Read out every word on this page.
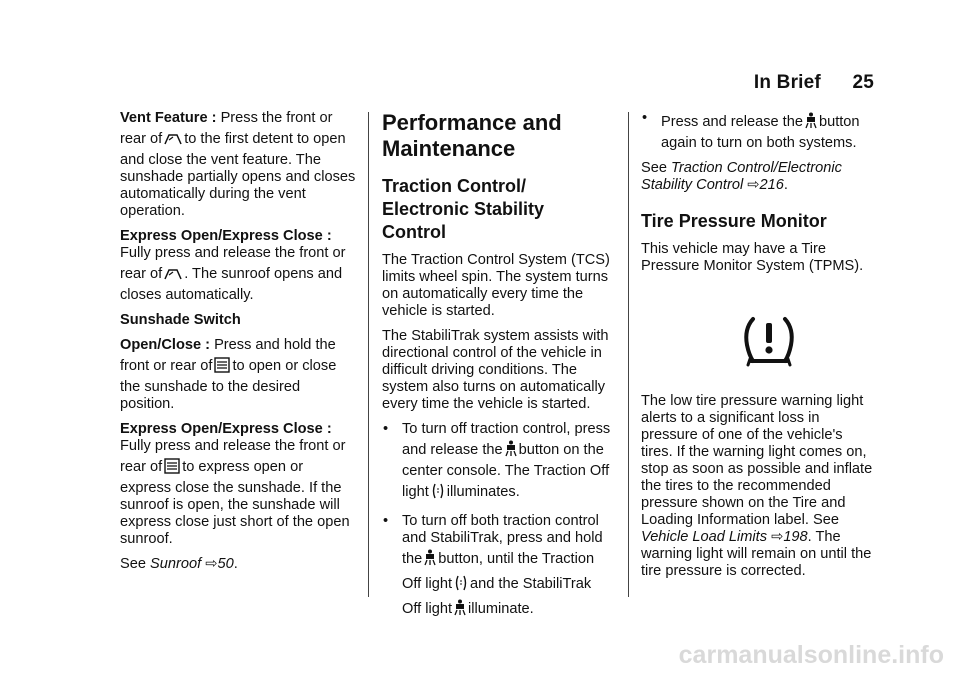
In Brief 25

Vent Feature : Press the front or
rear of to the first detent to open
and close the vent feature. The sunshade partially opens and closes automatically during the vent operation.

Express Open/Express Close :
Fully press and release the front or
rear of . The sunroof opens and
closes automatically.

Sunshade Switch

Open/Close : Press and hold the
front or rear of to open or close
the sunshade to the desired position.

Express Open/Express Close :
Fully press and release the front or
rear of to express open or
express close the sunshade. If the sunroof is open, the sunshade will express close just short of the open sunroof.

See Sunroof ⇨50.

Performance and Maintenance
Traction Control/ Electronic Stability Control

The Traction Control System (TCS) limits wheel spin. The system turns on automatically every time the vehicle is started.

The StabiliTrak system assists with directional control of the vehicle in difficult driving conditions. The system also turns on automatically every time the vehicle is started.

• To turn off traction control, press
and release the button on the
center console. The Traction Off
light illuminates.
• To turn off both traction control and StabiliTrak, press and hold
the button, until the Traction
Off light and the StabiliTrak
Off light illuminate.
• Press and release the button
again to turn on both systems.

See Traction Control/Electronic Stability Control ⇨216.

Tire Pressure Monitor

This vehicle may have a Tire Pressure Monitor System (TPMS).

The low tire pressure warning light alerts to a significant loss in pressure of one of the vehicle's tires. If the warning light comes on, stop as soon as possible and inflate the tires to the recommended pressure shown on the Tire and Loading Information label. See Vehicle Load Limits ⇨198. The warning light will remain on until the tire pressure is corrected.

carmanualsonline.info
